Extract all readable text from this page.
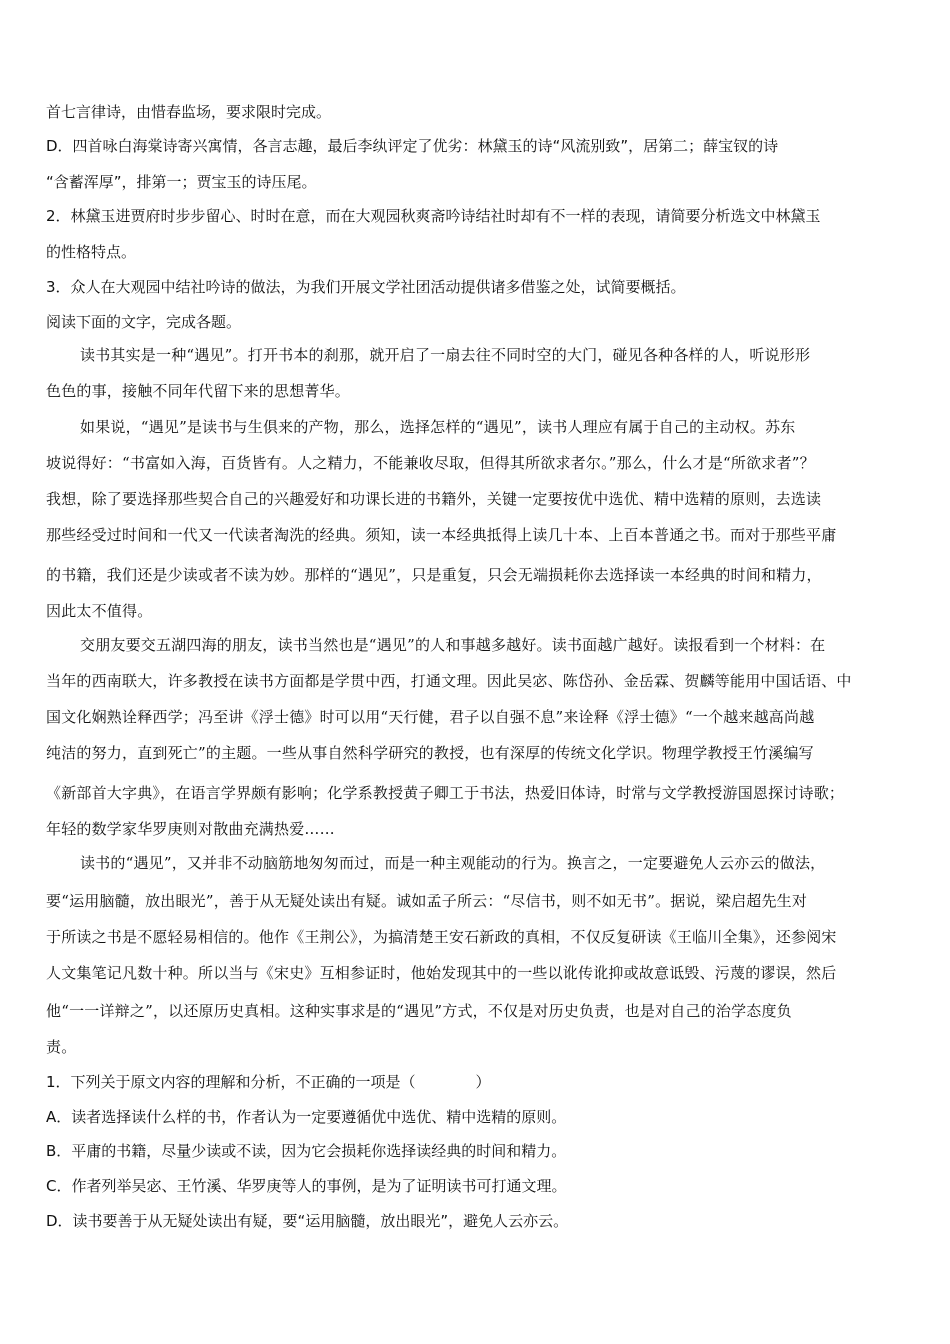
首七言律诗，由惜春监场，要求限时完成。
D．四首咏白海棠诗寄兴寓情，各言志趣，最后李纨评定了优劣：林黛玉的诗“风流别致”，居第二；薛宝钗的诗
“含蓄浑厚”，排第一；贾宝玉的诗压尾。
2．林黛玉进贾府时步步留心、时时在意，而在大观园秋爽斋吟诗结社时却有不一样的表现，请简要分析选文中林黛玉
的性格特点。
3．众人在大观园中结社吟诗的做法，为我们开展文学社团活动提供诸多借鉴之处，试简要概括。
阅读下面的文字，完成各题。
读书其实是一种“遇见”。打开书本的刹那，就开启了一扇去往不同时空的大门，碰见各种各样的人，听说形形
色色的事，接触不同年代留下来的思想菁华。
如果说，“遇见”是读书与生俱来的产物，那么，选择怎样的“遇见”，读书人理应有属于自己的主动权。苏东
坡说得好：“书富如入海，百货皆有。人之精力，不能兼收尽取，但得其所欲求者尔。”那么，什么才是“所欲求者”？
我想，除了要选择那些契合自己的兴趣爱好和功课长进的书籍外，关键一定要按优中选优、精中选精的原则，去选读
那些经受过时间和一代又一代读者淘洗的经典。须知，读一本经典抵得上读几十本、上百本普通之书。而对于那些平庸
的书籍，我们还是少读或者不读为妙。那样的“遇见”，只是重复，只会无端损耗你去选择读一本经典的时间和精力，
因此太不值得。
交朋友要交五湖四海的朋友，读书当然也是“遇见”的人和事越多越好。读书面越广越好。读报看到一个材料：在
当年的西南联大，许多教授在读书方面都是学贯中西，打通文理。因此吴宓、陈岱孙、金岳霖、贺麟等能用中国话语、中
国文化娴熟诠释西学；冯至讲《浮士德》时可以用“天行健，君子以自强不息”来诠释《浮士德》“一个越来越高尚越
纯洁的努力，直到死亡”的主题。一些从事自然科学研究的教授，也有深厚的传统文化学识。物理学教授王竹溪编写
《新部首大字典》，在语言学界颇有影响；化学系教授黄子卿工于书法，热爱旧体诗，时常与文学教授游国恩探讨诗歌；
年轻的数学家华罗庚则对散曲充满热爱……
读书的“遇见”，又并非不动脑筋地匆匆而过，而是一种主观能动的行为。换言之，一定要避免人云亦云的做法，
要“运用脑髓，放出眼光”，善于从无疑处读出有疑。诚如孟子所云：“尽信书，则不如无书”。据说，梁启超先生对
于所读之书是不愿轻易相信的。他作《王荆公》，为搞清楚王安石新政的真相，不仅反复研读《王临川全集》，还参阅宋
人文集笔记凡数十种。所以当与《宋史》互相参证时，他始发现其中的一些以讹传讹抑或故意诋毁、污蔑的谬误，然后
他“一一详辩之”，以还原历史真相。这种实事求是的“遇见”方式，不仅是对历史负责，也是对自己的治学态度负
责。
1．下列关于原文内容的理解和分析，不正确的一项是（　　　　）
A．读者选择读什么样的书，作者认为一定要遵循优中选优、精中选精的原则。
B．平庸的书籍，尽量少读或不读，因为它会损耗你选择读经典的时间和精力。
C．作者列举吴宓、王竹溪、华罗庚等人的事例，是为了证明读书可打通文理。
D．读书要善于从无疑处读出有疑，要“运用脑髓，放出眼光”，避免人云亦云。
